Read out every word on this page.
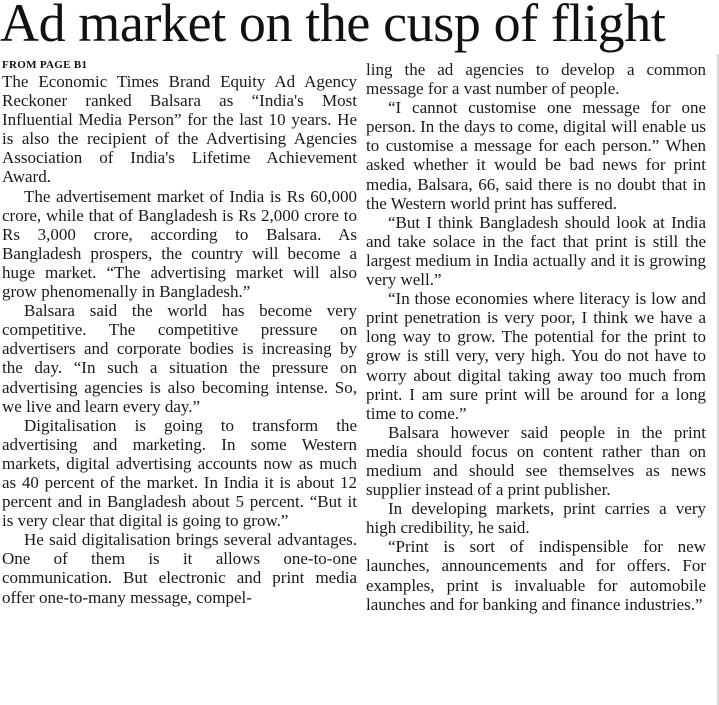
Ad market on the cusp of flight

FROM PAGE B1

The Economic Times Brand Equity Ad Agency Reckoner ranked Balsara as “India's Most Influential Media Person” for the last 10 years. He is also the recipient of the Advertising Agencies Association of India's Lifetime Achievement Award.

The advertisement market of India is Rs 60,000 crore, while that of Bangladesh is Rs 2,000 crore to Rs 3,000 crore, according to Balsara. As Bangladesh prospers, the country will become a huge market. “The advertising market will also grow phenomenally in Bangladesh.”

Balsara said the world has become very competitive. The competitive pressure on advertisers and corporate bodies is increasing by the day. “In such a situation the pressure on advertising agencies is also becoming intense. So, we live and learn every day.”

Digitalisation is going to transform the advertising and marketing. In some Western markets, digital advertising accounts now as much as 40 percent of the market. In India it is about 12 percent and in Bangladesh about 5 percent. “But it is very clear that digital is going to grow.”

He said digitalisation brings several advantages. One of them is it allows one-to-one communication. But electronic and print media offer one-to-many message, compel-

ling the ad agencies to develop a common message for a vast number of people.

“I cannot customise one message for one person. In the days to come, digital will enable us to customise a message for each person.” When asked whether it would be bad news for print media, Balsara, 66, said there is no doubt that in the Western world print has suffered.

“But I think Bangladesh should look at India and take solace in the fact that print is still the largest medium in India actually and it is growing very well.”

“In those economies where literacy is low and print penetration is very poor, I think we have a long way to grow. The potential for the print to grow is still very, very high. You do not have to worry about digital taking away too much from print. I am sure print will be around for a long time to come.”

Balsara however said people in the print media should focus on content rather than on medium and should see themselves as news supplier instead of a print publisher.

In developing markets, print carries a very high credibility, he said.

“Print is sort of indispensible for new launches, announcements and for offers. For examples, print is invaluable for automobile launches and for banking and finance industries.”
